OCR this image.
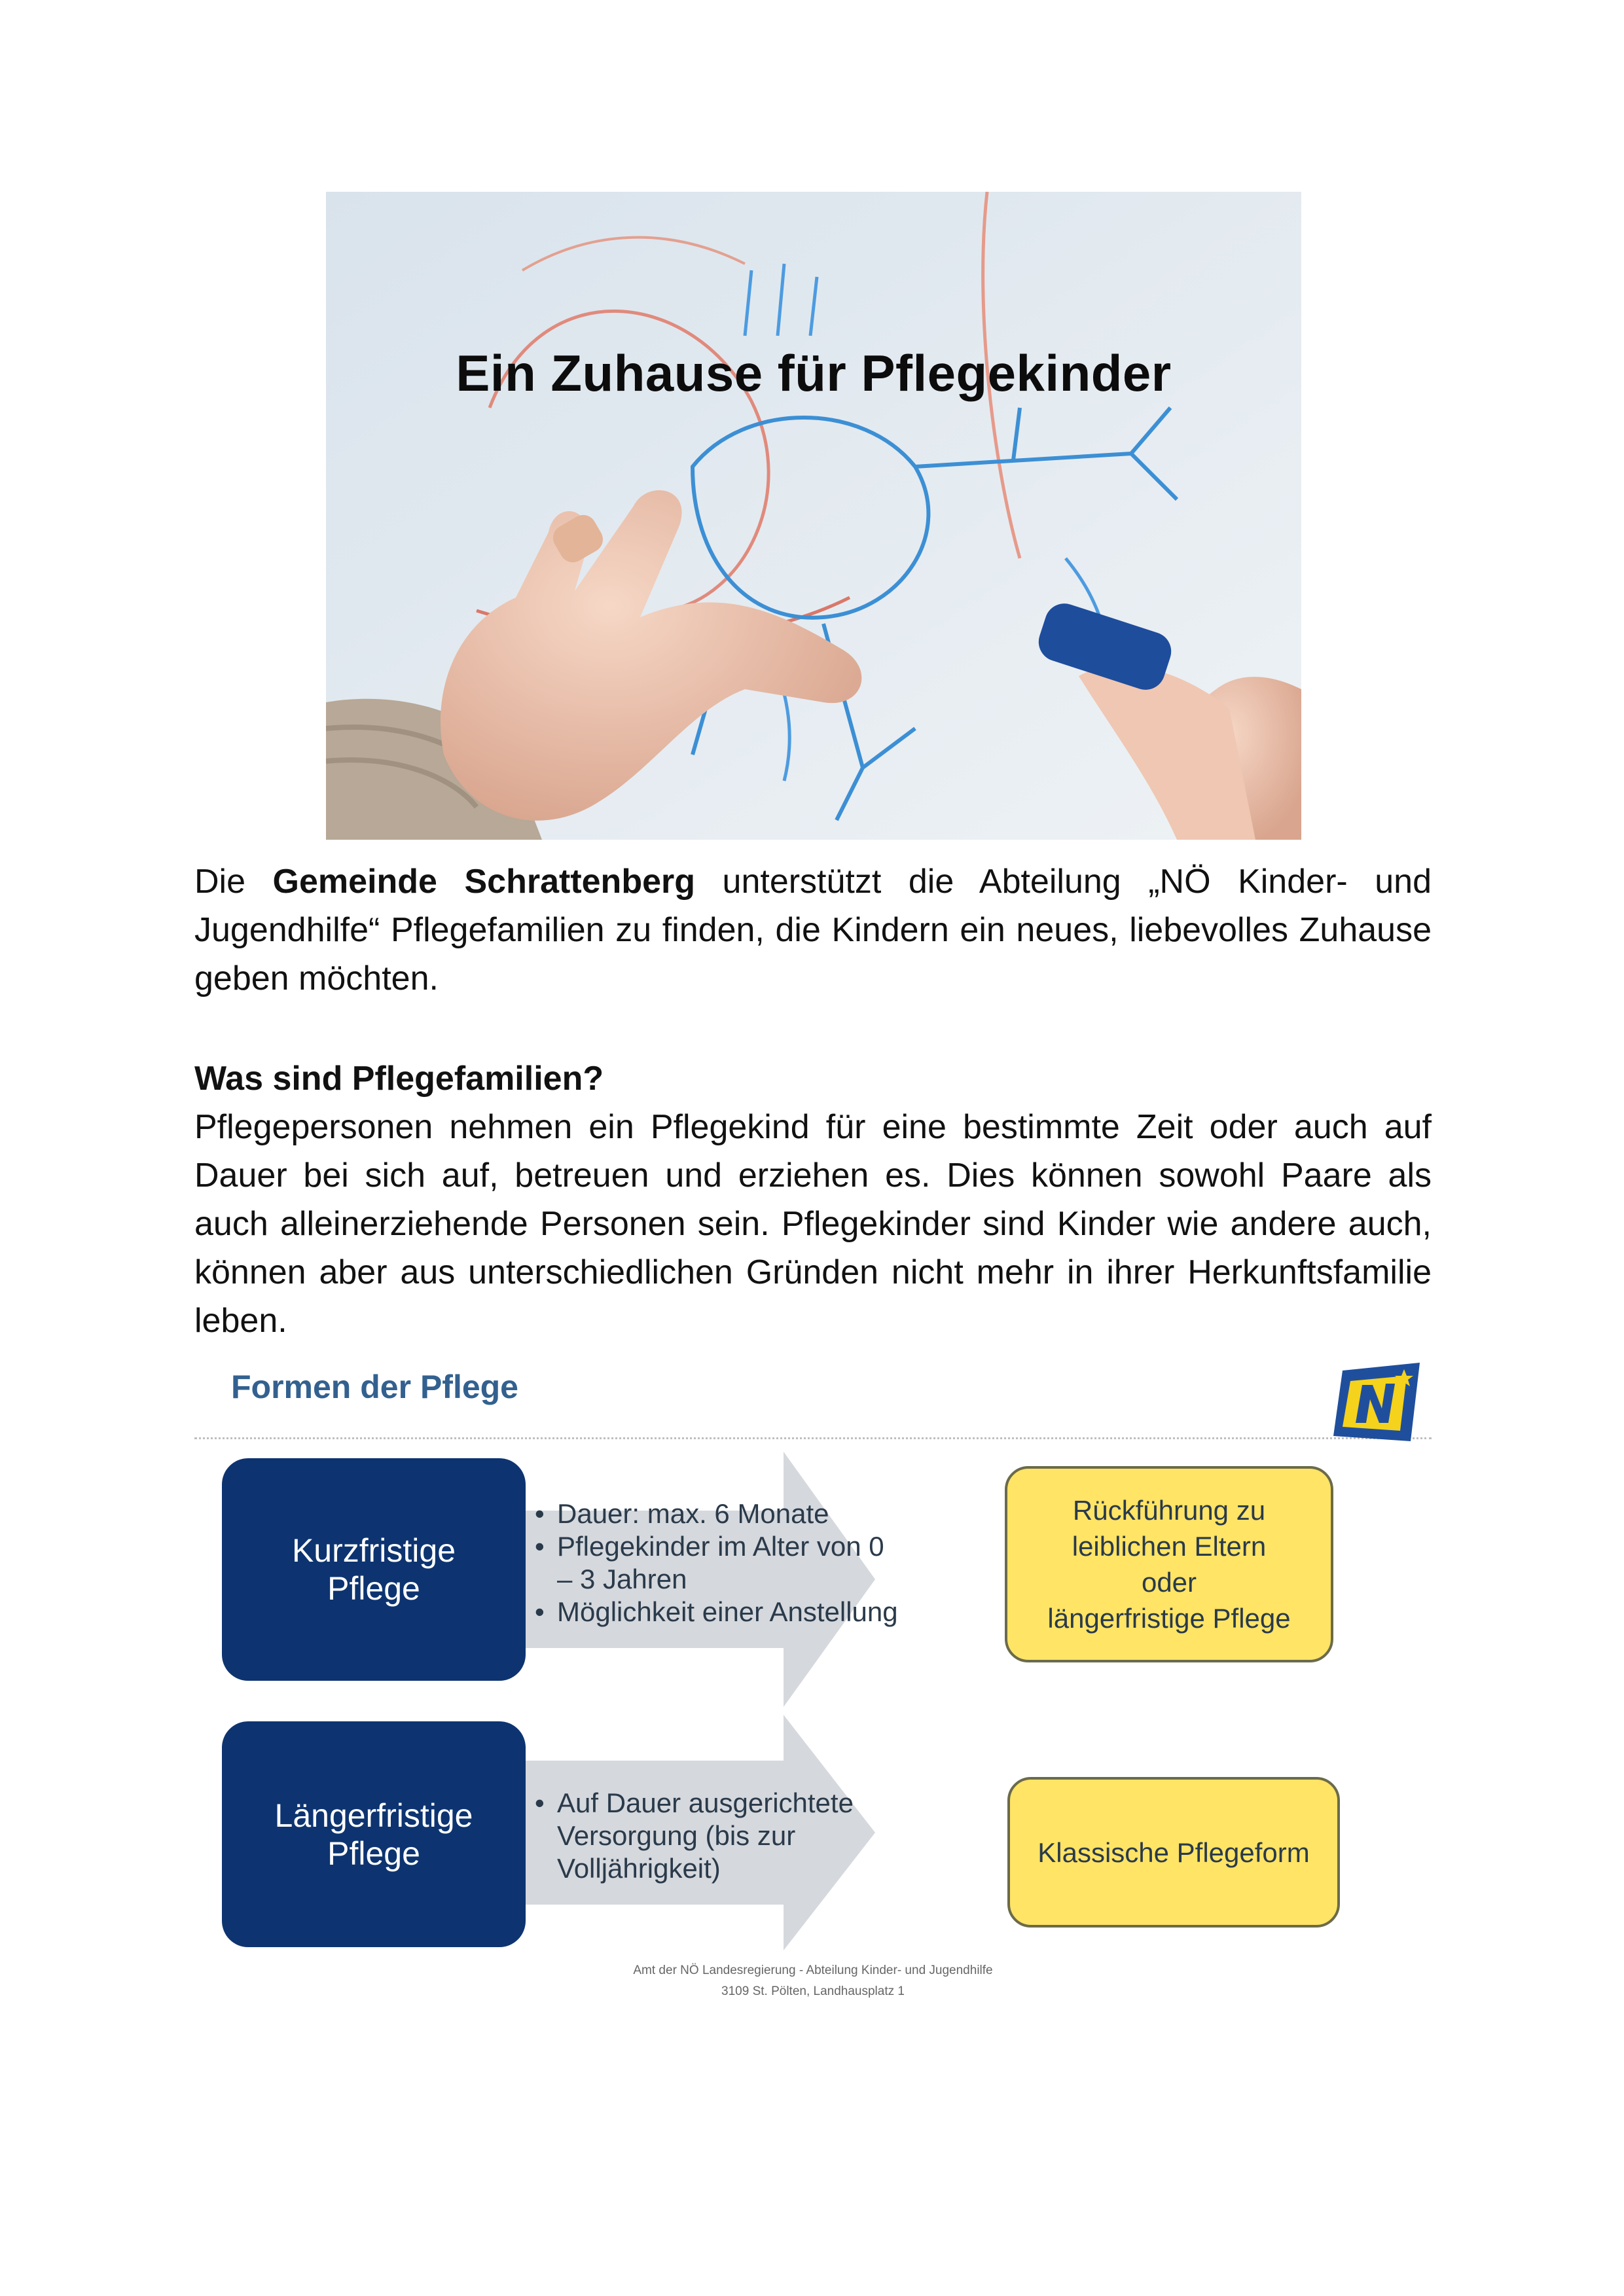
Ein Zuhause für Pflegekinder
Die Gemeinde Schrattenberg unterstützt die Abteilung „NÖ Kinder- und Jugendhilfe“ Pflegefamilien zu finden, die Kindern ein neues, liebevolles Zuhause geben möchten.
Was sind Pflegefamilien?
Pflegepersonen nehmen ein Pflegekind für eine bestimmte Zeit oder auch auf Dauer bei sich auf, betreuen und erziehen es. Dies können sowohl Paare als auch alleinerziehende Personen sein. Pflegekinder sind Kinder wie andere auch, können aber aus unterschiedlichen Gründen nicht mehr in ihrer Herkunftsfamilie leben.
Formen der Pflege
Kurzfristige
Pflege
• Dauer: max. 6 Monate
• Pflegekinder im Alter von 0 – 3 Jahren
• Möglichkeit einer Anstellung
Rückführung zu
leiblichen Eltern
oder
längerfristige Pflege
Längerfristige
Pflege
• Auf Dauer ausgerichtete Versorgung (bis zur Volljährigkeit)
Klassische Pflegeform
Amt der NÖ Landesregierung - Abteilung Kinder- und Jugendhilfe
3109 St. Pölten, Landhausplatz 1
